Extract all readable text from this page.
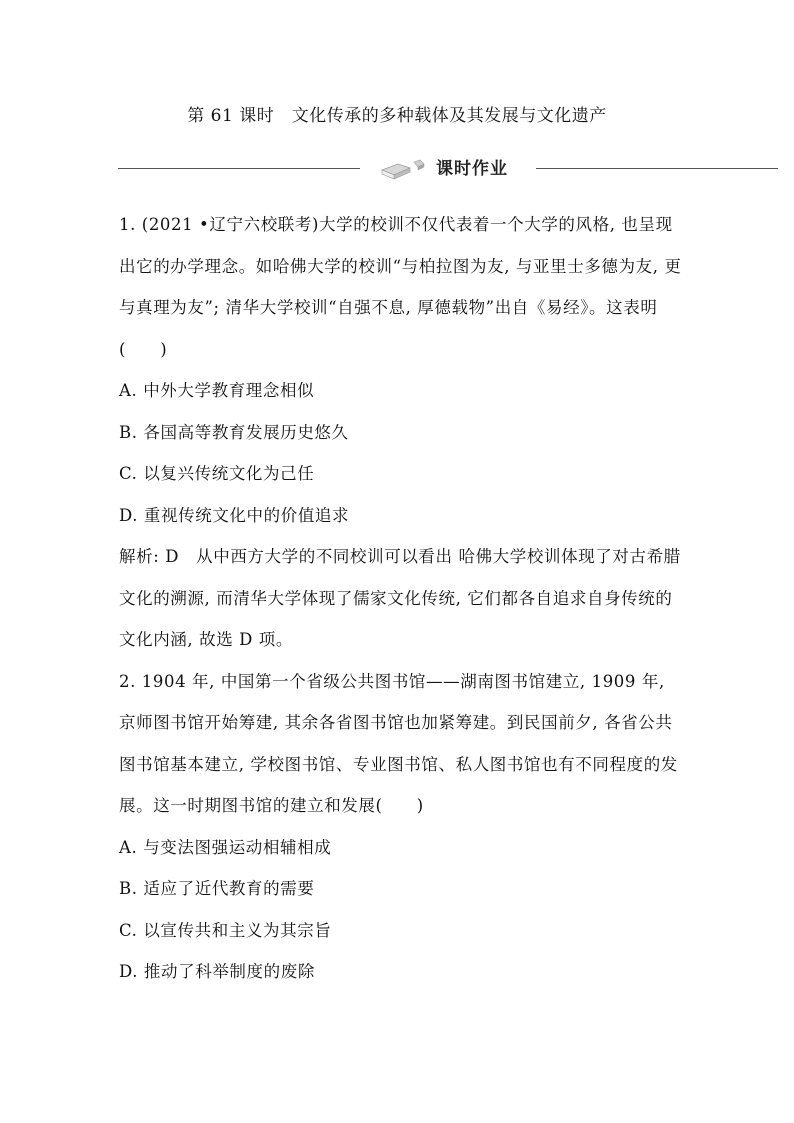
第 61 课时　文化传承的多种载体及其发展与文化遗产
课时作业

1. (2021 •辽宁六校联考)大学的校训不仅代表着一个大学的风格, 也呈现出它的办学理念。如哈佛大学的校训“与柏拉图为友, 与亚里士多德为友, 更与真理为友”; 清华大学校训“自强不息, 厚德载物”出自《易经》。这表明(　　)

A. 中外大学教育理念相似

B. 各国高等教育发展历史悠久

C. 以复兴传统文化为己任

D. 重视传统文化中的价值追求

解析: D　从中西方大学的不同校训可以看出 哈佛大学校训体现了对古希腊文化的溯源, 而清华大学体现了儒家文化传统, 它们都各自追求自身传统的文化内涵, 故选 D 项。

2. 1904 年, 中国第一个省级公共图书馆——湖南图书馆建立, 1909 年, 京师图书馆开始筹建, 其余各省图书馆也加紧筹建。到民国前夕, 各省公共图书馆基本建立, 学校图书馆、专业图书馆、私人图书馆也有不同程度的发展。这一时期图书馆的建立和发展(　　)

A. 与变法图强运动相辅相成

B. 适应了近代教育的需要

C. 以宣传共和主义为其宗旨

D. 推动了科举制度的废除
